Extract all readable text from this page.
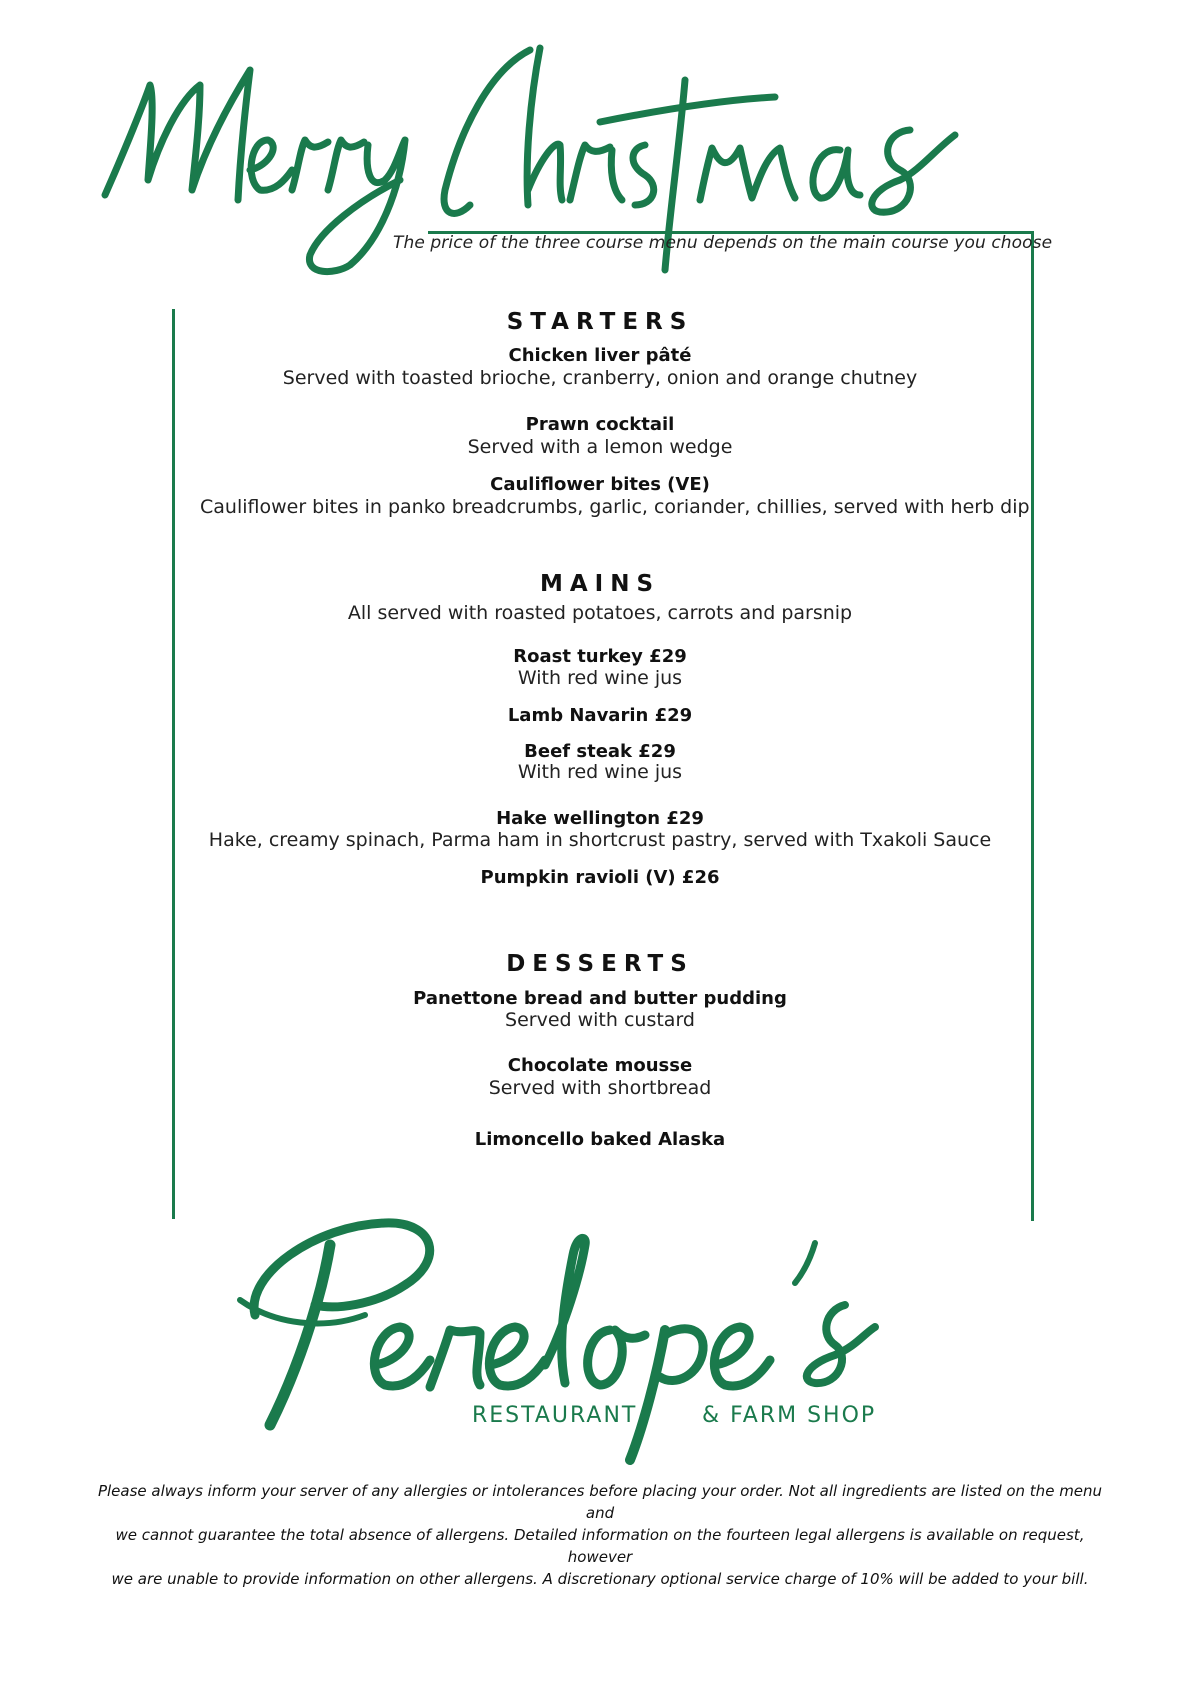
The price of the three course menu depends on the main course you choose
STARTERS
Chicken liver pâté
Served with toasted brioche, cranberry, onion and orange chutney
Prawn cocktail
Served with a lemon wedge
Cauliflower bites (VE)
Cauliflower bites in panko breadcrumbs, garlic, coriander, chillies, served with herb dip
MAINS
All served with roasted potatoes, carrots and parsnip
Roast turkey £29
With red wine jus
Lamb Navarin £29
Beef steak £29
With red wine jus
Hake wellington £29
Hake, creamy spinach, Parma ham in shortcrust pastry, served with Txakoli Sauce
Pumpkin ravioli (V) £26
DESSERTS
Panettone bread and butter pudding
Served with custard
Chocolate mousse
Served with shortbread
Limoncello baked Alaska
RESTAURANT	& FARM SHOP
Please always inform your server of any allergies or intolerances before placing your order. Not all ingredients are listed on the menu and
we cannot guarantee the total absence of allergens. Detailed information on the fourteen legal allergens is available on request, however
we are unable to provide information on other allergens. A discretionary optional service charge of 10% will be added to your bill.
